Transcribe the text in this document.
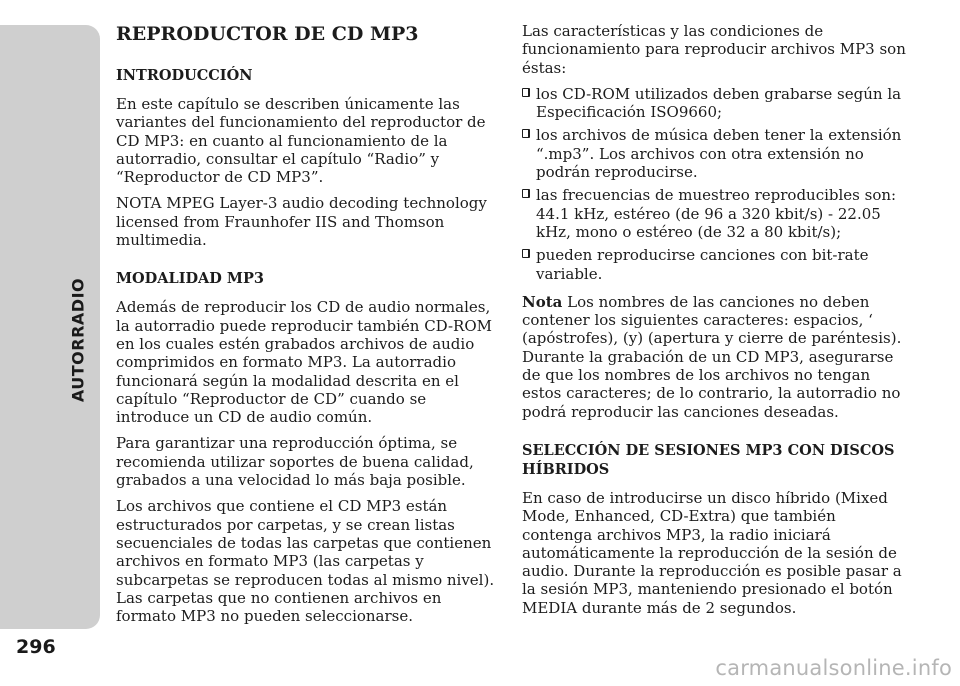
AUTORRADIO
296
REPRODUCTOR DE CD MP3
INTRODUCCIÓN

En este capítulo se describen únicamente las variantes del funcionamiento del reproductor de CD MP3: en cuanto al funcionamiento de la autorradio, consultar el capítulo “Radio” y “Reproductor de CD MP3”.

NOTA MPEG Layer-3 audio decoding technology licensed from Fraunhofer IIS and Thomson multimedia.

MODALIDAD MP3

Además de reproducir los CD de audio normales, la autorradio puede reproducir también CD-ROM en los cuales estén grabados archivos de audio comprimidos en formato MP3. La autorradio funcionará según la modalidad descrita en el capítulo “Reproductor de CD” cuando se introduce un CD de audio común.

Para garantizar una reproducción óptima, se recomienda utilizar soportes de buena calidad, grabados a una velocidad lo más baja posible.

Los archivos que contiene el CD MP3 están estructurados por carpetas, y se crean listas secuenciales de todas las carpetas que contienen archivos en formato MP3 (las carpetas y subcarpetas se reproducen todas al mismo nivel). Las carpetas que no contienen archivos en formato MP3 no pueden seleccionarse.

Las características y las condiciones de funcionamiento para reproducir archivos MP3 son éstas:

los CD-ROM utilizados deben grabarse según la Especificación ISO9660;
los archivos de música deben tener la extensión “.mp3”. Los archivos con otra extensión no podrán reproducirse.
las frecuencias de muestreo reproducibles son: 44.1 kHz, estéreo (de 96 a 320 kbit/s) - 22.05 kHz, mono o estéreo (de 32 a 80 kbit/s);
pueden reproducirse canciones con bit-rate variable.

Nota Los nombres de las canciones no deben contener los siguientes caracteres: espacios, ‘ (apóstrofes), (y) (apertura y cierre de paréntesis). Durante la grabación de un CD MP3, asegurarse de que los nombres de los archivos no tengan estos caracteres; de lo contrario, la autorradio no podrá reproducir las canciones deseadas.

SELECCIÓN DE SESIONES MP3 CON DISCOS HÍBRIDOS

En caso de introducirse un disco híbrido (Mixed Mode, Enhanced, CD-Extra) que también contenga archivos MP3, la radio iniciará automáticamente la reproducción de la sesión de audio. Durante la reproducción es posible pasar a la sesión MP3, manteniendo presionado el botón MEDIA durante más de 2 segundos.

carmanualsonline.info
